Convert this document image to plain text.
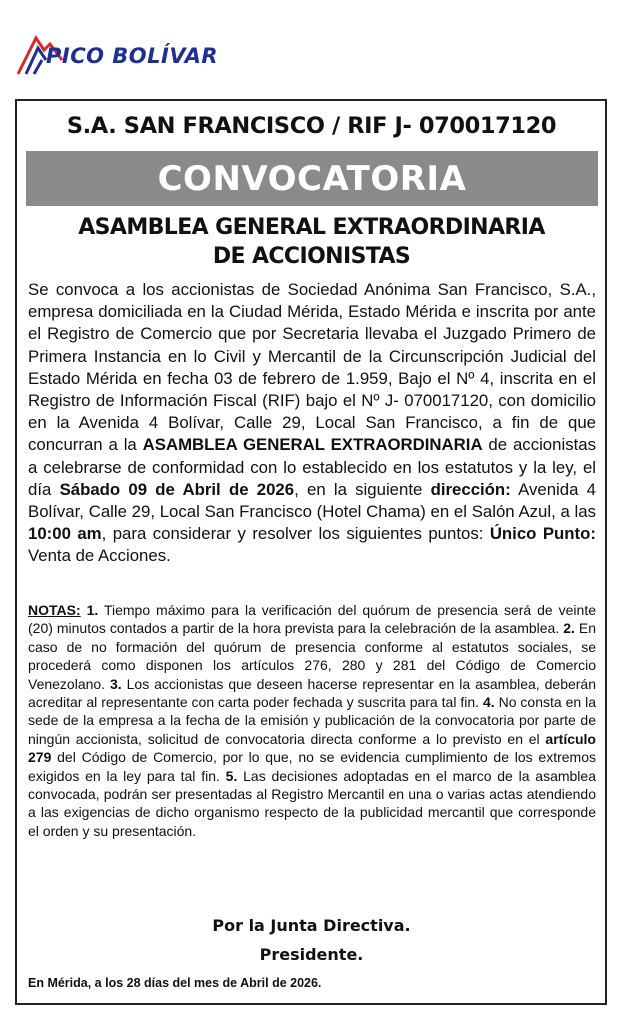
PICO BOLÍVAR
S.A. SAN FRANCISCO / RIF J- 070017120
CONVOCATORIA
ASAMBLEA GENERAL EXTRAORDINARIA
DE ACCIONISTAS
Se convoca a los accionistas de Sociedad Anónima San Francisco, S.A., empresa domiciliada en la Ciudad Mérida, Estado Mérida e inscrita por ante el Registro de Comercio que por Secretaria llevaba el Juzgado Primero de Primera Instancia en lo Civil y Mercantil de la Circunscripción Judicial del Estado Mérida en fecha 03 de febrero de 1.959, Bajo el Nº 4, inscrita en el Registro de Información Fiscal (RIF) bajo el Nº J- 070017120, con domicilio en la Avenida 4 Bolívar, Calle 29, Local San Francisco, a fin de que concurran a la ASAMBLEA GENERAL EXTRAORDINARIA de accionistas a celebrarse de conformidad con lo establecido en los estatutos y la ley, el día Sábado 09 de Abril de 2026, en la siguiente dirección: Avenida 4 Bolívar, Calle 29, Local San Francisco (Hotel Chama) en el Salón Azul, a las 10:00 am, para considerar y resolver los siguientes puntos: Único Punto: Venta de Acciones.
NOTAS: 1. Tiempo máximo para la verificación del quórum de presencia será de veinte (20) minutos contados a partir de la hora prevista para la celebración de la asamblea. 2. En caso de no formación del quórum de presencia conforme al estatutos sociales, se procederá como disponen los artículos 276, 280 y 281 del Código de Comercio Venezolano. 3. Los accionistas que deseen hacerse representar en la asamblea, deberán acreditar al representante con carta poder fechada y suscrita para tal fin. 4. No consta en la sede de la empresa a la fecha de la emisión y publicación de la convocatoria por parte de ningún accionista, solicitud de convocatoria directa conforme a lo previsto en el artículo 279 del Código de Comercio, por lo que, no se evidencia cumplimiento de los extremos exigidos en la ley para tal fin. 5. Las decisiones adoptadas en el marco de la asamblea convocada, podrán ser presentadas al Registro Mercantil en una o varias actas atendiendo a las exigencias de dicho organismo respecto de la publicidad mercantil que corresponde el orden y su presentación.
Por la Junta Directiva.
Presidente.
En Mérida, a los 28 días del mes de Abril de 2026.
